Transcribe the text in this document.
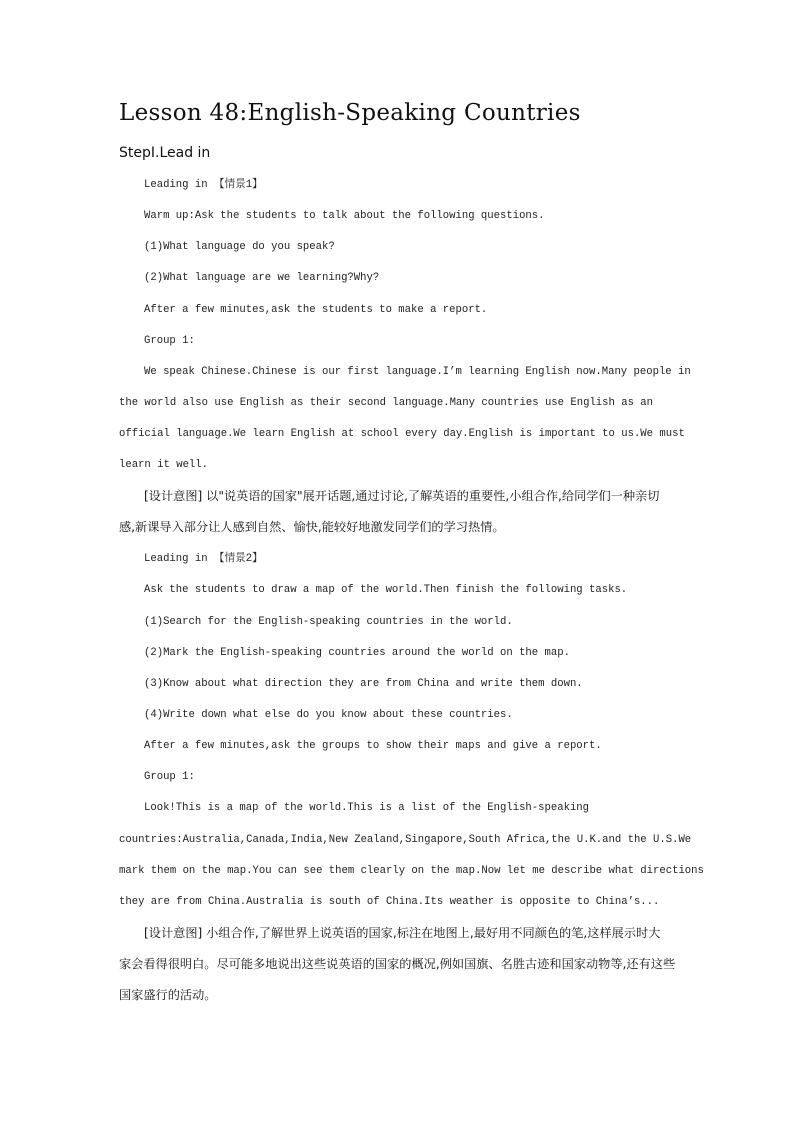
Lesson 48:English-Speaking Countries
StepⅠ.Lead in
Leading in 【情景1】
Warm up:Ask the students to talk about the following questions.
(1)What language do you speak?
(2)What language are we learning?Why?
After a few minutes,ask the students to make a report.
Group 1:
We speak Chinese.Chinese is our first language.I’m learning English now.Many people in
the world also use English as their second language.Many countries use English as an
official language.We learn English at school every day.English is important to us.We must
learn it well.
[设计意图] 以"说英语的国家"展开话题,通过讨论,了解英语的重要性,小组合作,给同学们一种亲切
感,新课导入部分让人感到自然、愉快,能较好地激发同学们的学习热情。
Leading in 【情景2】
Ask the students to draw a map of the world.Then finish the following tasks.
(1)Search for the English-speaking countries in the world.
(2)Mark the English-speaking countries around the world on the map.
(3)Know about what direction they are from China and write them down.
(4)Write down what else do you know about these countries.
After a few minutes,ask the groups to show their maps and give a report.
Group 1:
Look!This is a map of the world.This is a list of the English-speaking
countries:Australia,Canada,India,New Zealand,Singapore,South Africa,the U.K.and the U.S.We
mark them on the map.You can see them clearly on the map.Now let me describe what directions
they are from China.Australia is south of China.Its weather is opposite to China’s...
[设计意图] 小组合作,了解世界上说英语的国家,标注在地图上,最好用不同颜色的笔,这样展示时大
家会看得很明白。尽可能多地说出这些说英语的国家的概况,例如国旗、名胜古迹和国家动物等,还有这些
国家盛行的活动。
